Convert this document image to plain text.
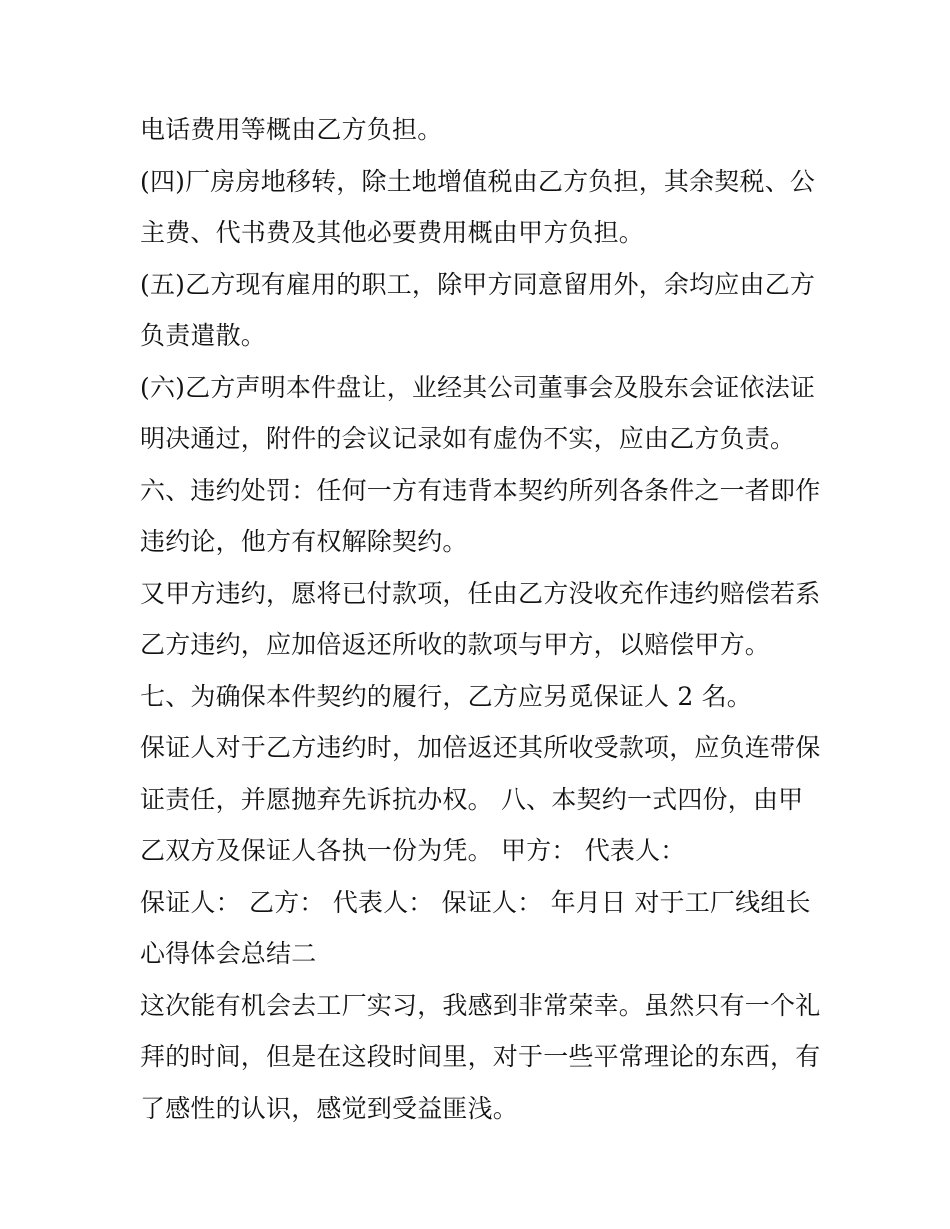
电话费用等概由乙方负担。
(四)厂房房地移转，除土地增值税由乙方负担，其余契税、公
主费、代书费及其他必要费用概由甲方负担。
(五)乙方现有雇用的职工，除甲方同意留用外，余均应由乙方
负责遣散。
(六)乙方声明本件盘让，业经其公司董事会及股东会证依法证
明决通过，附件的会议记录如有虚伪不实，应由乙方负责。
六、违约处罚：任何一方有违背本契约所列各条件之一者即作
违约论，他方有权解除契约。
又甲方违约，愿将已付款项，任由乙方没收充作违约赔偿若系
乙方违约，应加倍返还所收的款项与甲方，以赔偿甲方。
七、为确保本件契约的履行，乙方应另觅保证人 2 名。
保证人对于乙方违约时，加倍返还其所收受款项，应负连带保
证责任，并愿抛弃先诉抗办权。 八、本契约一式四份，由甲
乙双方及保证人各执一份为凭。 甲方： 代表人：
保证人： 乙方： 代表人： 保证人： 年月日 对于工厂线组长
心得体会总结二
这次能有机会去工厂实习，我感到非常荣幸。虽然只有一个礼
拜的时间，但是在这段时间里，对于一些平常理论的东西，有
了感性的认识，感觉到受益匪浅。
